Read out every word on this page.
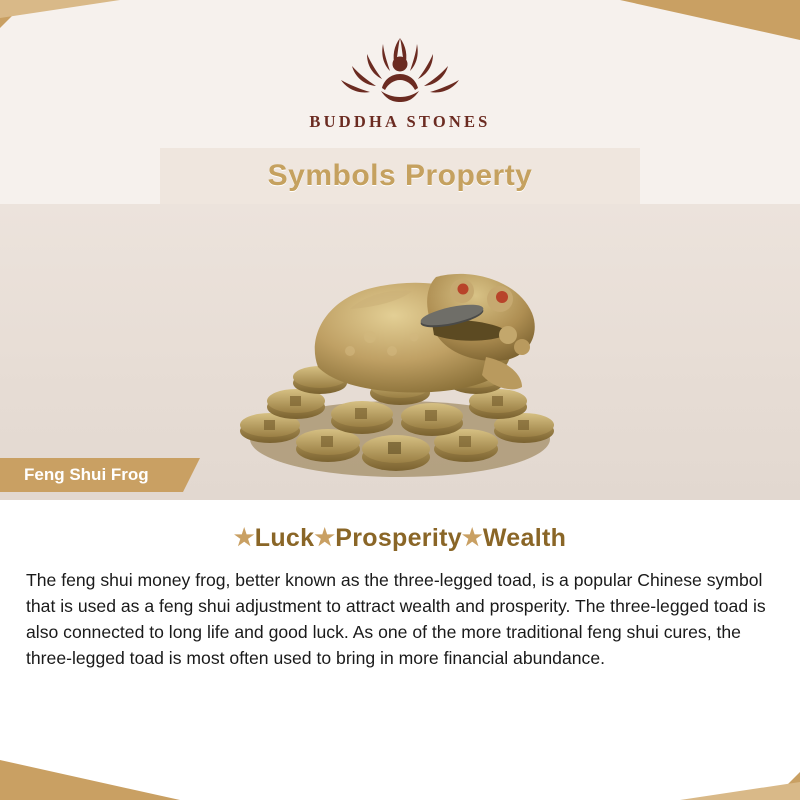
BUDDHA STONES
Symbols Property
Feng Shui Frog
★Luck★Prosperity★Wealth
The feng shui money frog, better known as the three-legged toad, is a popular Chinese symbol that is used as a feng shui adjustment to attract wealth and prosperity. The three-legged toad is also connected to long life and good luck. As one of the more traditional feng shui cures, the three-legged toad is most often used to bring in more financial abundance.
